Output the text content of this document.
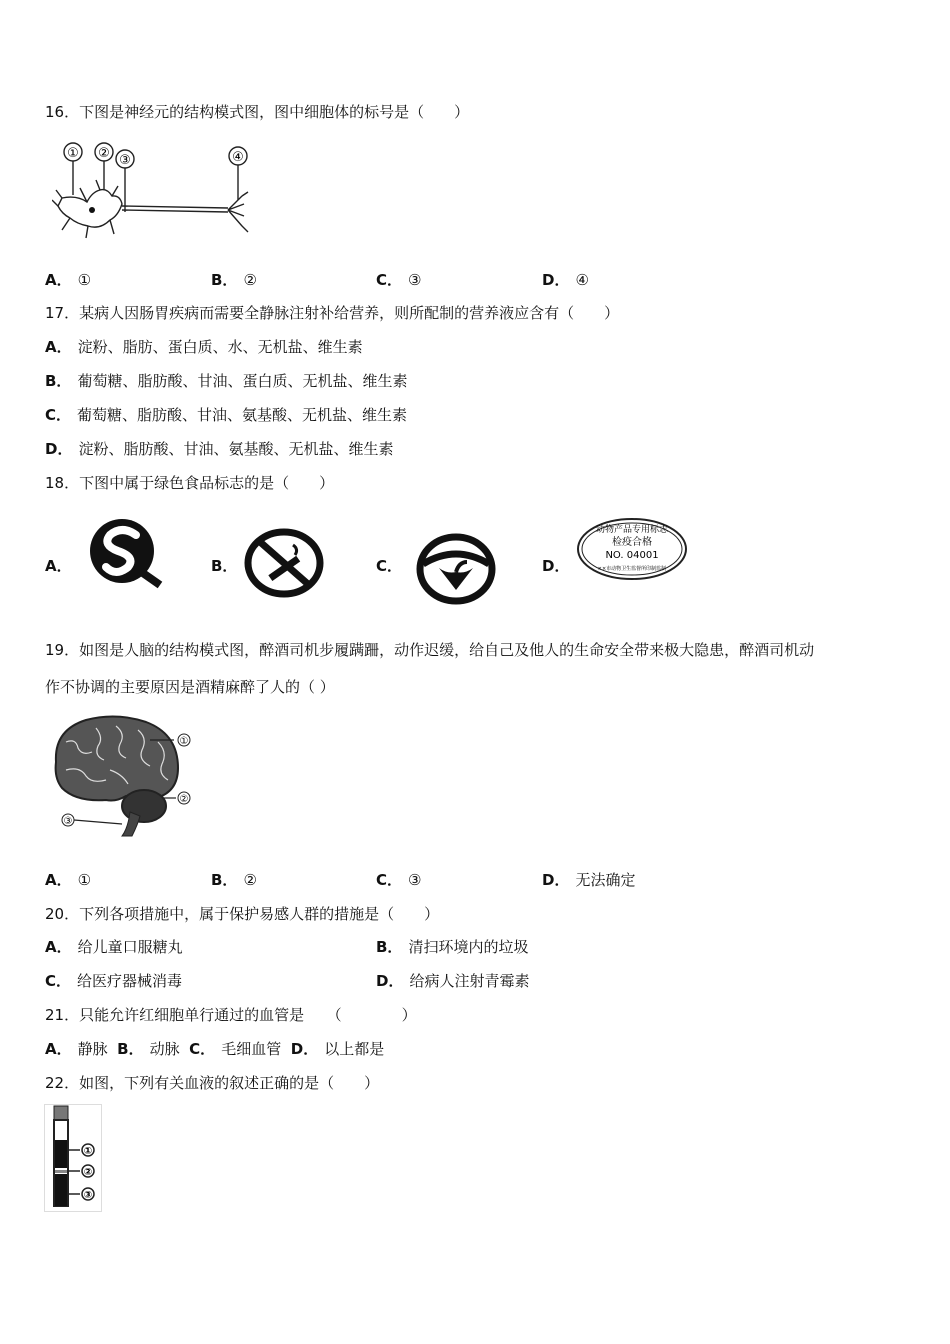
16．下图是神经元的结构模式图，图中细胞体的标号是（　　）
① ② ③	④
A． ①	B． ②	C． ③	D． ④
17．某病人因肠胃疾病而需要全静脉注射补给营养，则所配制的营养液应含有（　　）
A． 淀粉、脂肪、蛋白质、水、无机盐、维生素
B． 葡萄糖、脂肪酸、甘油、蛋白质、无机盐、维生素
C． 葡萄糖、脂肪酸、甘油、氨基酸、无机盐、维生素
D． 淀粉、脂肪酸、甘油、氨基酸、无机盐、维生素
18．下图中属于绿色食品标志的是（　　）
A．	B．	C．	D．
动物产品专用标志
检疫合格
NO. 04001
××市动物卫生监督所印制监制
19．如图是人脑的结构模式图，醉酒司机步履蹒跚，动作迟缓，给自己及他人的生命安全带来极大隐患，醉酒司机动
作不协调的主要原因是酒精麻醉了人的（ ）
①
②
③
A． ①	B． ②	C． ③	D． 无法确定
20．下列各项措施中，属于保护易感人群的措施是（　　）
A． 给儿童口服糖丸	B． 清扫环境内的垃圾
C． 给医疗器械消毒	D． 给病人注射青霉素
21．只能允许红细胞单行通过的血管是　　（　　　　）
A． 静脉 B． 动脉 C． 毛细血管 D． 以上都是
22．如图，下列有关血液的叙述正确的是（　　）
①
②
③
